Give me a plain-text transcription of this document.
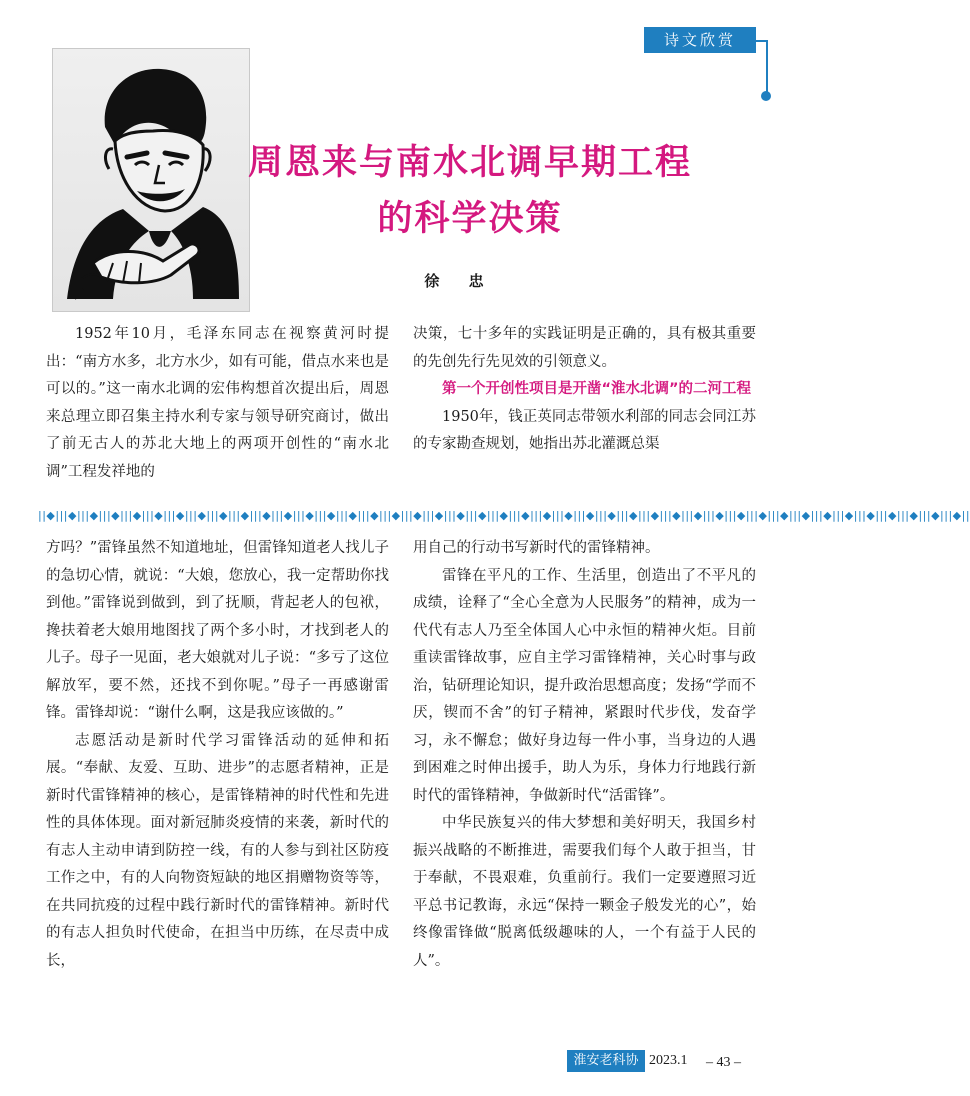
诗文欣赏
周恩来与南水北调早期工程
的科学决策
徐 忠

1952年10月，毛泽东同志在视察黄河时提出：“南方水多，北方水少，如有可能，借点水来也是可以的。”这一南水北调的宏伟构想首次提出后，周恩来总理立即召集主持水利专家与领导研究商讨，做出了前无古人的苏北大地上的两项开创性的“南水北调”工程发祥地的

决策，七十多年的实践证明是正确的，具有极其重要的先创先行先见效的引领意义。

第一个开创性项目是开凿“淮水北调”的二河工程

1950年，钱正英同志带领水利部的同志会同江苏的专家勘查规划，她指出苏北灌溉总渠

||◆|||◆|||◆|||◆|||◆|||◆|||◆|||◆|||◆|||◆|||◆|||◆|||◆|||◆|||◆|||◆|||◆|||◆|||◆|||◆|||◆|||◆|||◆|||◆|||◆|||◆|||◆|||◆|||◆|||◆|||◆|||◆|||◆|||◆|||◆|||◆|||◆|||◆|||◆|||◆|||◆|||◆|||◆||

方吗？”雷锋虽然不知道地址，但雷锋知道老人找儿子的急切心情，就说：“大娘，您放心，我一定帮助你找到他。”雷锋说到做到，到了抚顺，背起老人的包袱，搀扶着老大娘用地图找了两个多小时，才找到老人的儿子。母子一见面，老大娘就对儿子说：“多亏了这位解放军，要不然，还找不到你呢。”母子一再感谢雷锋。雷锋却说：“谢什么啊，这是我应该做的。”

志愿活动是新时代学习雷锋活动的延伸和拓展。“奉献、友爱、互助、进步”的志愿者精神，正是新时代雷锋精神的核心，是雷锋精神的时代性和先进性的具体体现。面对新冠肺炎疫情的来袭，新时代的有志人主动申请到防控一线，有的人参与到社区防疫工作之中，有的人向物资短缺的地区捐赠物资等等，在共同抗疫的过程中践行新时代的雷锋精神。新时代的有志人担负时代使命，在担当中历练，在尽责中成长，

用自己的行动书写新时代的雷锋精神。

雷锋在平凡的工作、生活里，创造出了不平凡的成绩，诠释了“全心全意为人民服务”的精神，成为一代代有志人乃至全体国人心中永恒的精神火炬。目前重读雷锋故事，应自主学习雷锋精神，关心时事与政治，钻研理论知识，提升政治思想高度；发扬“学而不厌，锲而不舍”的钉子精神，紧跟时代步伐，发奋学习，永不懈怠；做好身边每一件小事，当身边的人遇到困难之时伸出援手，助人为乐，身体力行地践行新时代的雷锋精神，争做新时代“活雷锋”。

中华民族复兴的伟大梦想和美好明天，我国乡村振兴战略的不断推进，需要我们每个人敢于担当，甘于奉献，不畏艰难，负重前行。我们一定要遵照习近平总书记教诲，永远“保持一颗金子般发光的心”，始终像雷锋做“脱离低级趣味的人，一个有益于人民的人”。

淮安老科协 2023.1 – 43 –
